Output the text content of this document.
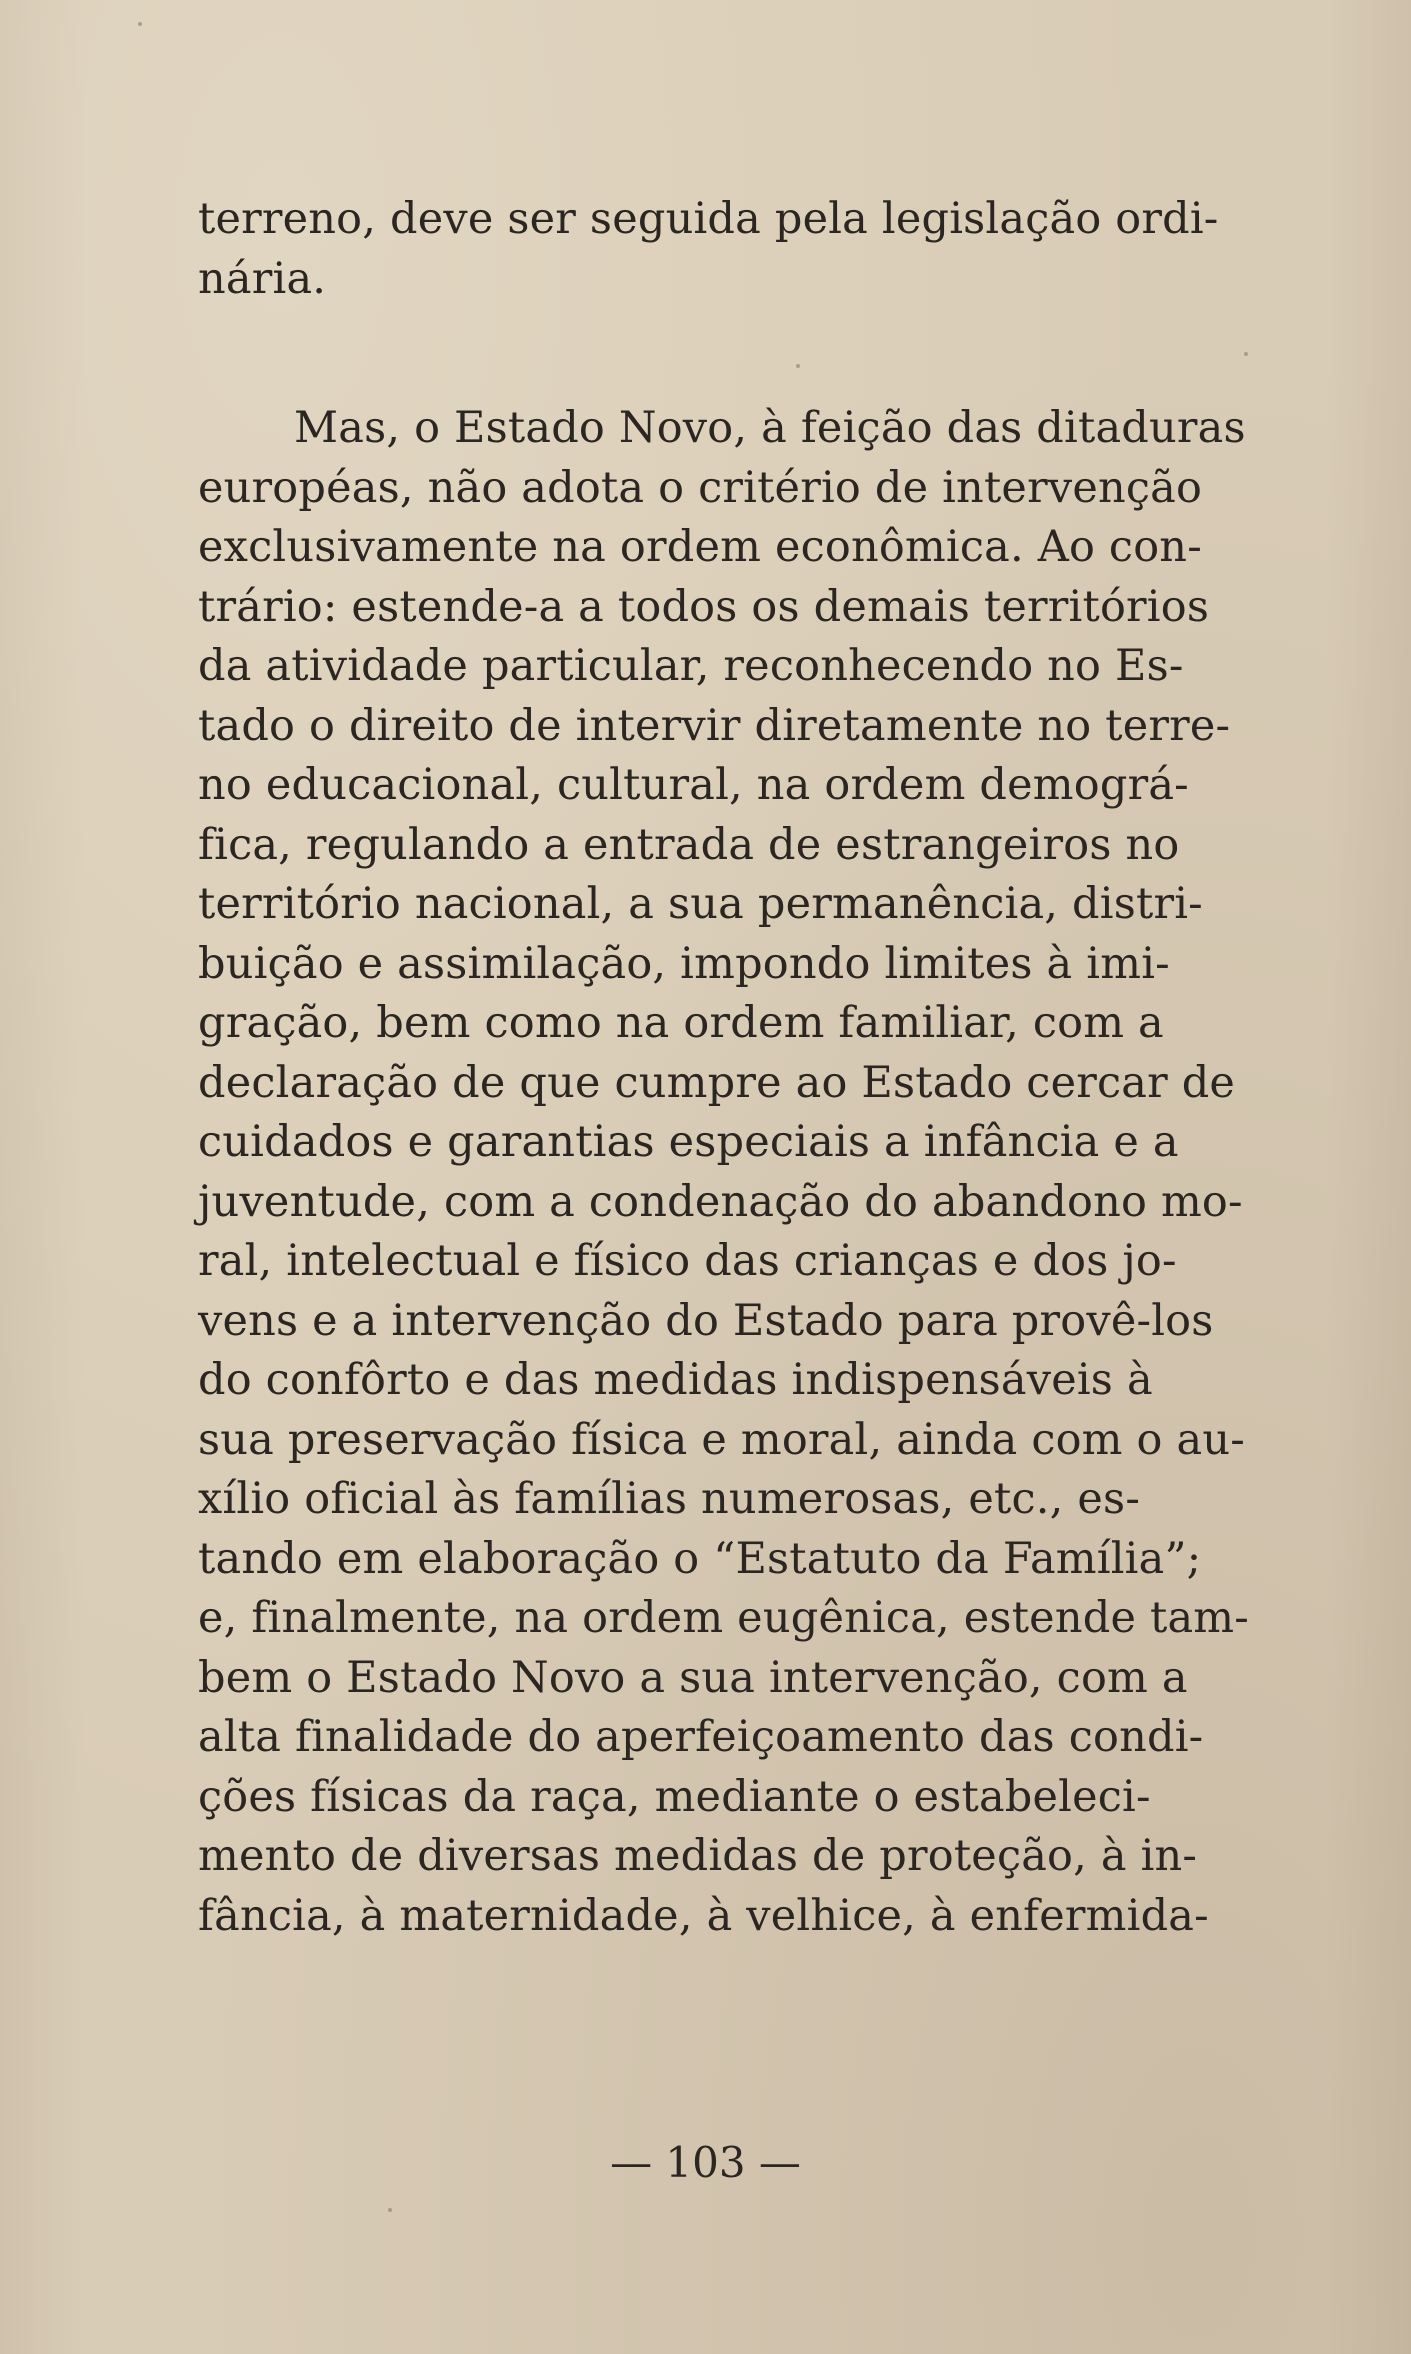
terreno, deve ser seguida pela legislação ordi-
nária.
Mas, o Estado Novo, à feição das ditaduras
européas, não adota o critério de intervenção
exclusivamente na ordem econômica. Ao con-
trário: estende-a a todos os demais territórios
da atividade particular, reconhecendo no Es-
tado o direito de intervir diretamente no terre-
no educacional, cultural, na ordem demográ-
fica, regulando a entrada de estrangeiros no
território nacional, a sua permanência, distri-
buição e assimilação, impondo limites à imi-
gração, bem como na ordem familiar, com a
declaração de que cumpre ao Estado cercar de
cuidados e garantias especiais a infância e a
juventude, com a condenação do abandono mo-
ral, intelectual e físico das crianças e dos jo-
vens e a intervenção do Estado para provê-los
do confôrto e das medidas indispensáveis à
sua preservação física e moral, ainda com o au-
xílio oficial às famílias numerosas, etc., es-
tando em elaboração o “Estatuto da Família”;
e, finalmente, na ordem eugênica, estende tam-
bem o Estado Novo a sua intervenção, com a
alta finalidade do aperfeiçoamento das condi-
ções físicas da raça, mediante o estabeleci-
mento de diversas medidas de proteção, à in-
fância, à maternidade, à velhice, à enfermida-
— 103 —
